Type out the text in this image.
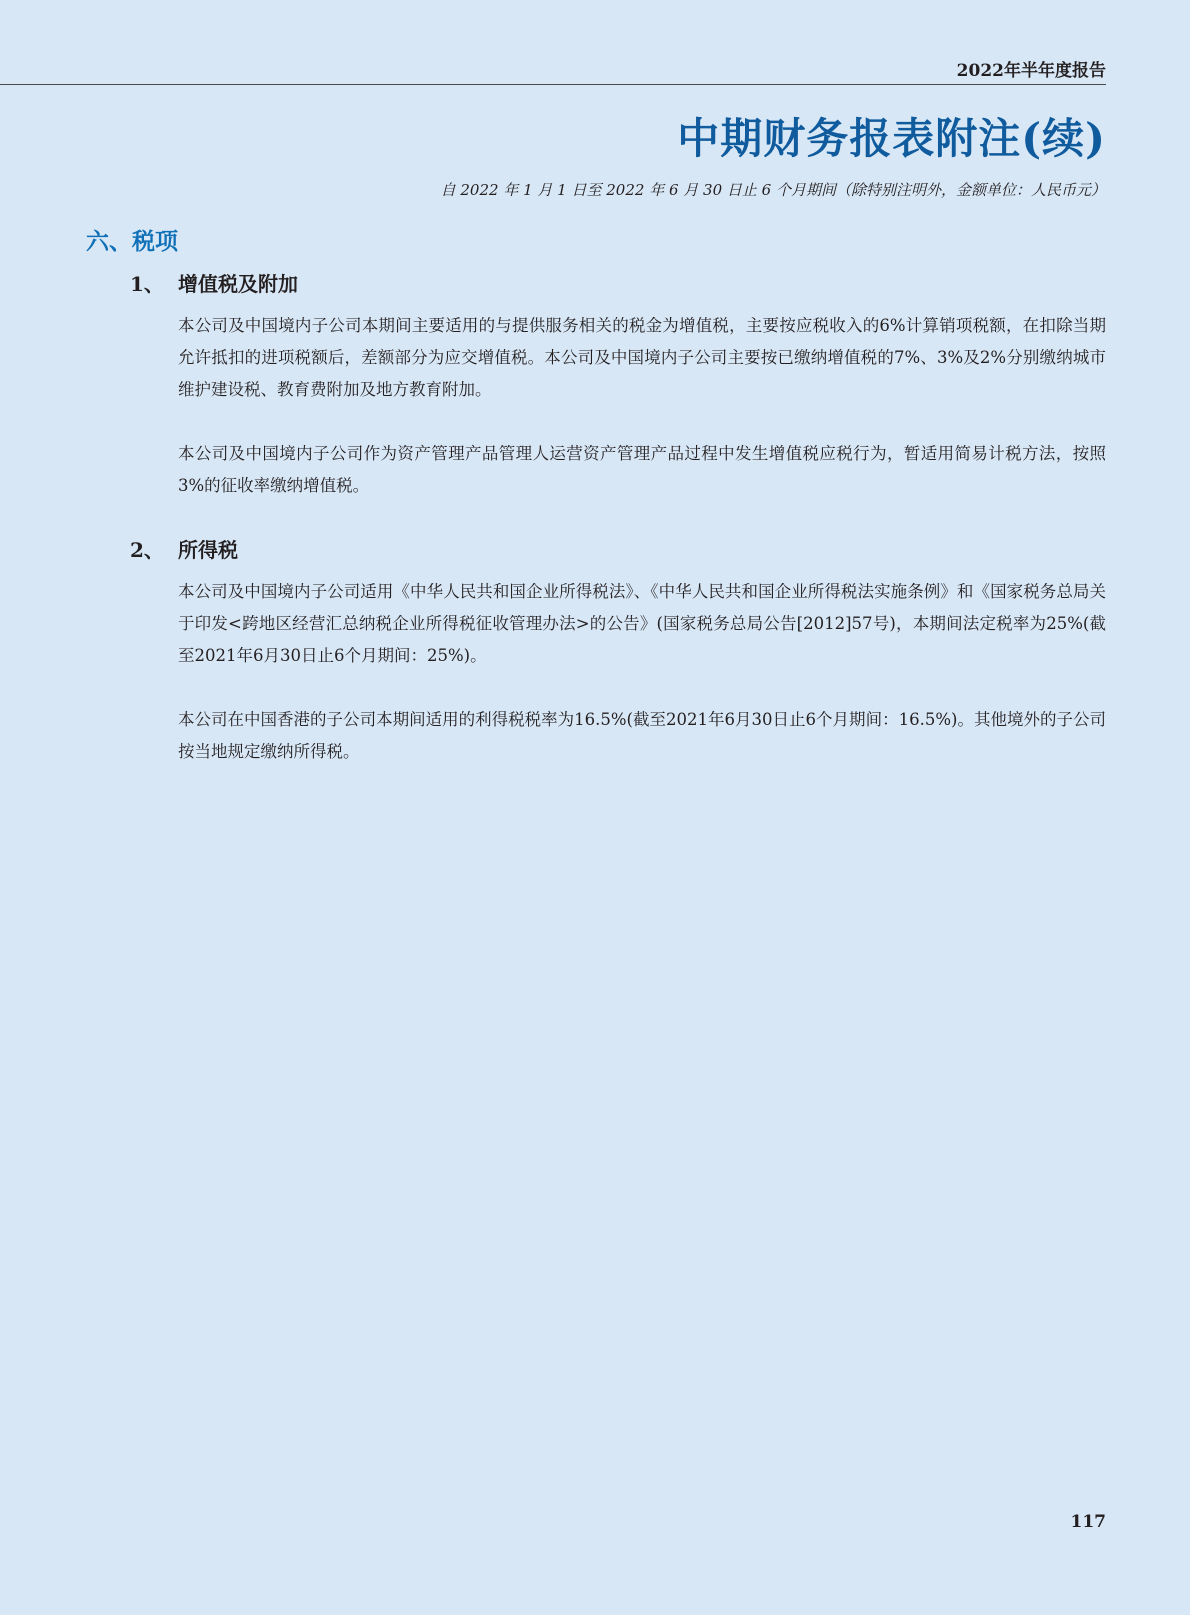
2022年半年度报告
中期财务报表附注(续)
自 2022 年 1 月 1 日至 2022 年 6 月 30 日止 6 个月期间（除特别注明外，金额单位：人民币元）
六、税项
1、 增值税及附加

本公司及中国境内子公司本期间主要适用的与提供服务相关的税金为增值税，主要按应税收入的6%计算销项税额，在扣除当期允许抵扣的进项税额后，差额部分为应交增值税。本公司及中国境内子公司主要按已缴纳增值税的7%、3%及2%分别缴纳城市维护建设税、教育费附加及地方教育附加。

本公司及中国境内子公司作为资产管理产品管理人运营资产管理产品过程中发生增值税应税行为，暂适用简易计税方法，按照3%的征收率缴纳增值税。

2、 所得税

本公司及中国境内子公司适用《中华人民共和国企业所得税法》、《中华人民共和国企业所得税法实施条例》和《国家税务总局关于印发<跨地区经营汇总纳税企业所得税征收管理办法>的公告》(国家税务总局公告[2012]57号)，本期间法定税率为25%(截至2021年6月30日止6个月期间：25%)。

本公司在中国香港的子公司本期间适用的利得税税率为16.5%(截至2021年6月30日止6个月期间：16.5%)。其他境外的子公司按当地规定缴纳所得税。

117
